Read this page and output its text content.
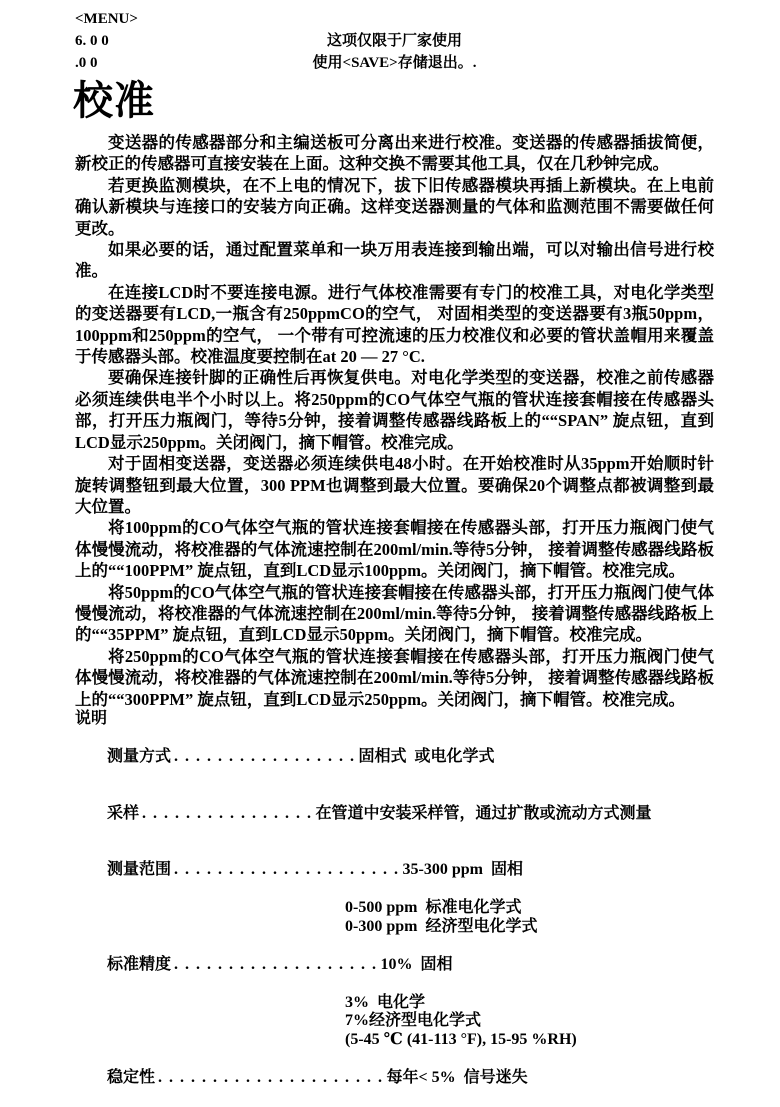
<MENU>
6. 0 0	这项仅限于厂家使用
.0 0	使用<SAVE>存储退出。.
校准

变送器的传感器部分和主编送板可分离出来进行校准。变送器的传感器插拔简便，新校正的传感器可直接安装在上面。这种交换不需要其他工具，仅在几秒钟完成。

若更换监测模块，在不上电的情况下，拔下旧传感器模块再插上新模块。在上电前确认新模块与连接口的安装方向正确。这样变送器测量的气体和监测范围不需要做任何更改。

如果必要的话，通过配置菜单和一块万用表连接到输出端，可以对输出信号进行校准。

在连接LCD时不要连接电源。进行气体校准需要有专门的校准工具，对电化学类型的变送器要有LCD,一瓶含有250ppmCO的空气， 对固相类型的变送器要有3瓶50ppm，100ppm和250ppm的空气， 一个带有可控流速的压力校准仪和必要的管状盖帽用来覆盖于传感器头部。校准温度要控制在at 20 — 27 °C.

要确保连接针脚的正确性后再恢复供电。对电化学类型的变送器，校准之前传感器必须连续供电半个小时以上。将250ppm的CO气体空气瓶的管状连接套帽接在传感器头部，打开压力瓶阀门，等待5分钟，接着调整传感器线路板上的““SPAN” 旋点钮，直到LCD显示250ppm。关闭阀门，摘下帽管。校准完成。

对于固相变送器，变送器必须连续供电48小时。在开始校准时从35ppm开始顺时针旋转调整钮到最大位置，300 PPM也调整到最大位置。要确保20个调整点都被调整到最大位置。

将100ppm的CO气体空气瓶的管状连接套帽接在传感器头部，打开压力瓶阀门使气体慢慢流动，将校准器的气体流速控制在200ml/min.等待5分钟， 接着调整传感器线路板上的““100PPM” 旋点钮，直到LCD显示100ppm。关闭阀门，摘下帽管。校准完成。

将50ppm的CO气体空气瓶的管状连接套帽接在传感器头部，打开压力瓶阀门使气体慢慢流动，将校准器的气体流速控制在200ml/min.等待5分钟， 接着调整传感器线路板上的““35PPM” 旋点钮，直到LCD显示50ppm。关闭阀门，摘下帽管。校准完成。

将250ppm的CO气体空气瓶的管状连接套帽接在传感器头部，打开压力瓶阀门使气体慢慢流动，将校准器的气体流速控制在200ml/min.等待5分钟， 接着调整传感器线路板上的““300PPM” 旋点钮，直到LCD显示250ppm。关闭阀门，摘下帽管。校准完成。

说明

测量方式 . . . . . . . . . . . . . . . . . 固相式  或电化学式

采样 . . . . . . . . . . . . . . . . 在管道中安装采样管，通过扩散或流动方式测量

测量范围 . . . . . . . . . . . . . . . . . . . . . 35-300 ppm  固相

0-500 ppm  标准电化学式
0-300 ppm  经济型电化学式

标准精度 . . . . . . . . . . . . . . . . . . . 10%  固相

3%  电化学
7%经济型电化学式
(5-45 ℃ (41-113 °F), 15-95 %RH)

稳定性 . . . . . . . . . . . . . . . . . . . . . 每年< 5%  信号迷失
